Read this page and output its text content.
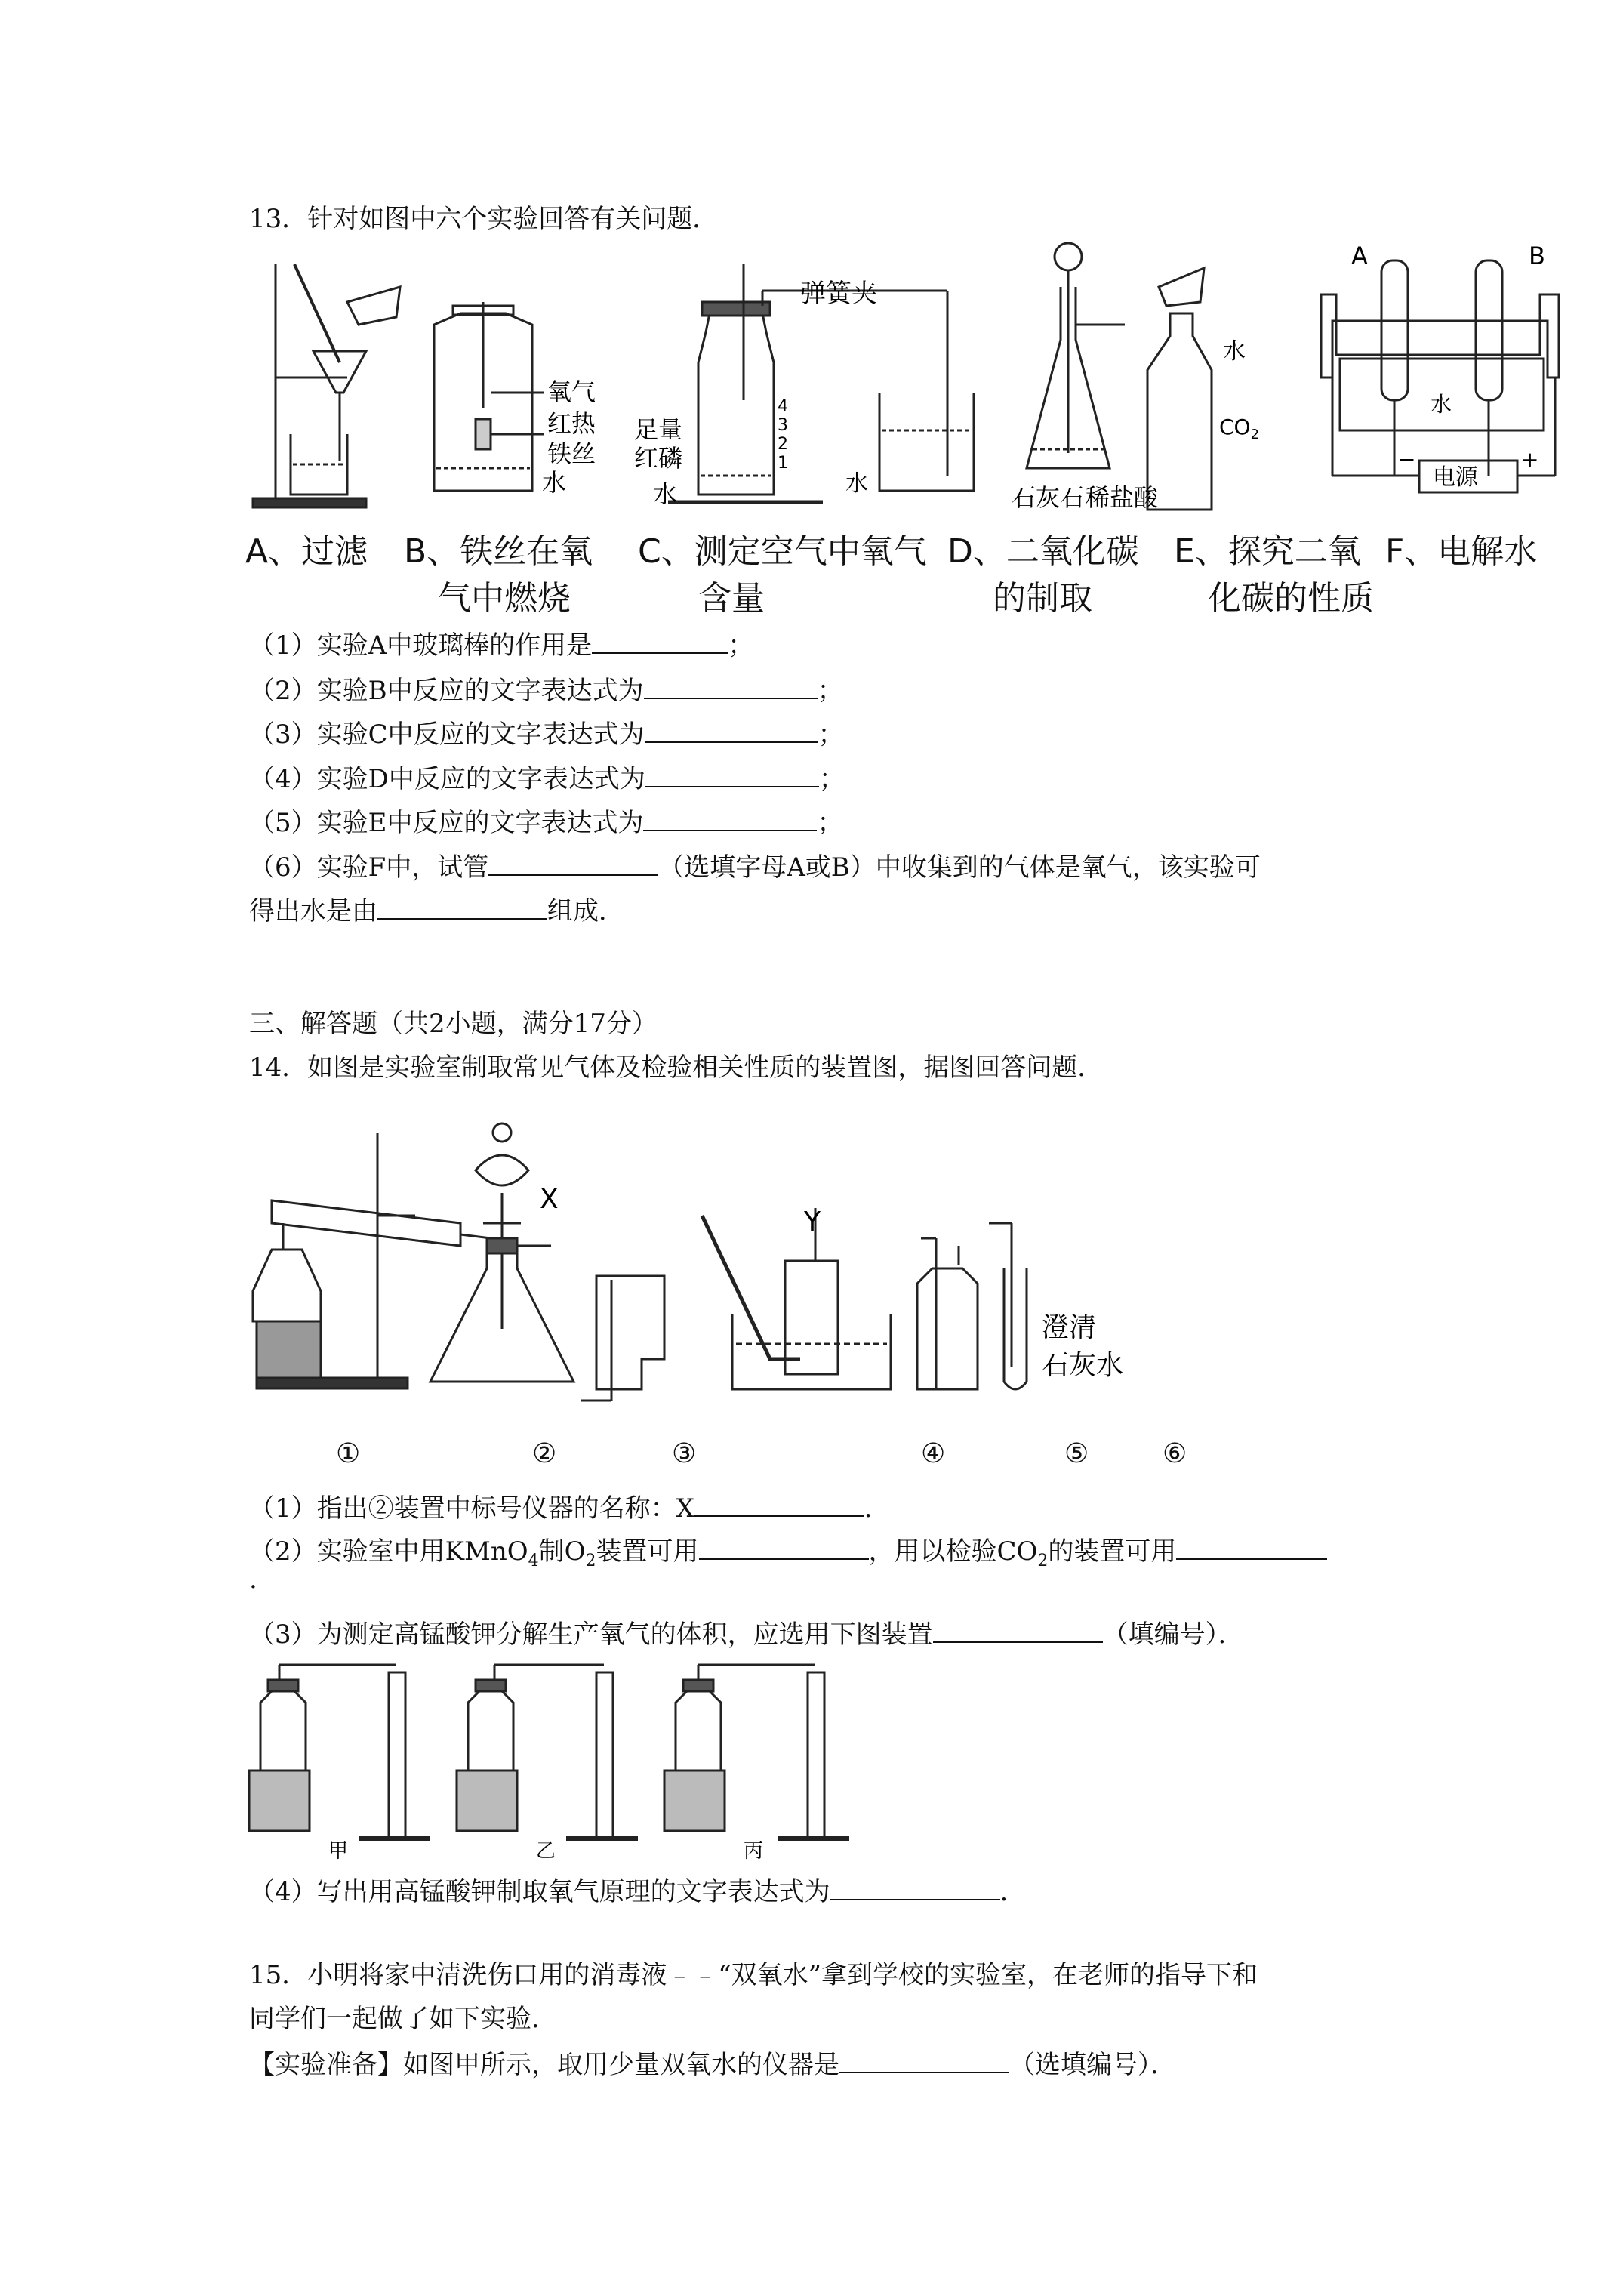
13．针对如图中六个实验回答有关问题．
弹簧夹
氧气
红热
铁丝
水
足量
红磷
水	水
4
3
2
1
石灰石 稀盐酸
水
$CO_2$
A	B
水
电源
−	+
A、过滤 B、铁丝在氧
气中燃烧
C、测定空气中氧气
含量
D、二氧化碳
的制取
E、探究二氧
化碳的性质
F、电解水
（1）实验A中玻璃棒的作用是	；
（2）实验B中反应的文字表达式为	；
（3）实验C中反应的文字表达式为	；
（4）实验D中反应的文字表达式为	；
（5）实验E中反应的文字表达式为	；
（6）实验F中，试管	（选填字母A或B）中收集到的气体是氧气，该实验可
得出水是由	组成．
三、解答题（共2小题，满分17分）
14．如图是实验室制取常见气体及检验相关性质的装置图，据图回答问题．
X
Y
澄清
石灰水
①	②	③	④	⑤	⑥
（1）指出②装置中标号仪器的名称：X	．
（2）实验室中用KMnO$_4$制$O_2$装置可用	，用以检验$CO_2$的装置可用
.
（3）为测定高锰酸钾分解生产氧气的体积，应选用下图装置	（填编号）．
甲	乙	丙
（4）写出用高锰酸钾制取氧气原理的文字表达式为	．
15．小明将家中清洗伤口用的消毒液﹣﹣“双氧水”拿到学校的实验室，在老师的指导下和
同学们一起做了如下实验．
【实验准备】如图甲所示，取用少量双氧水的仪器是	（选填编号）．
